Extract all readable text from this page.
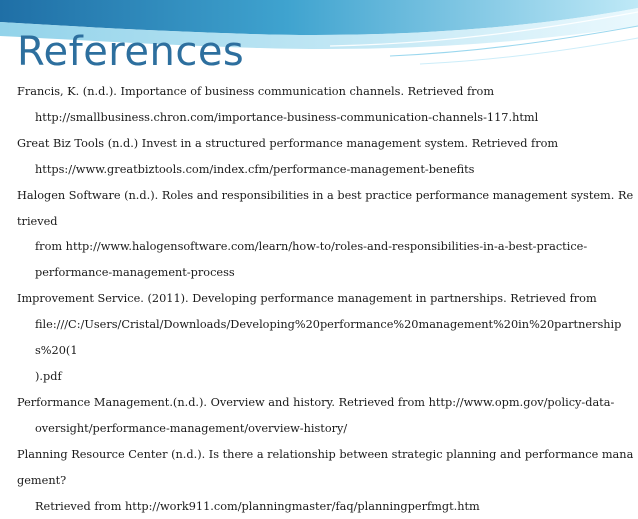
References
Francis, K. (n.d.). Importance of business communication channels. Retrieved from
http://smallbusiness.chron.com/importance-business-communication-channels-117.html
Great Biz Tools (n.d.) Invest in a structured performance management system. Retrieved from
https://www.greatbiztools.com/index.cfm/performance-management-benefits
Halogen Software (n.d.). Roles and responsibilities in a best practice performance management system. Retrieved
from http://www.halogensoftware.com/learn/how-to/roles-and-responsibilities-in-a-best-practice-
performance-management-process
Improvement Service. (2011). Developing performance management in partnerships. Retrieved from
file:///C:/Users/Cristal/Downloads/Developing%20performance%20management%20in%20partnerships%20(1
).pdf
Performance Management.(n.d.). Overview and history. Retrieved from http://www.opm.gov/policy-data-
oversight/performance-management/overview-history/
Planning Resource Center (n.d.). Is there a relationship between strategic planning and performance management?
Retrieved from http://work911.com/planningmaster/faq/planningperfmgt.htm
